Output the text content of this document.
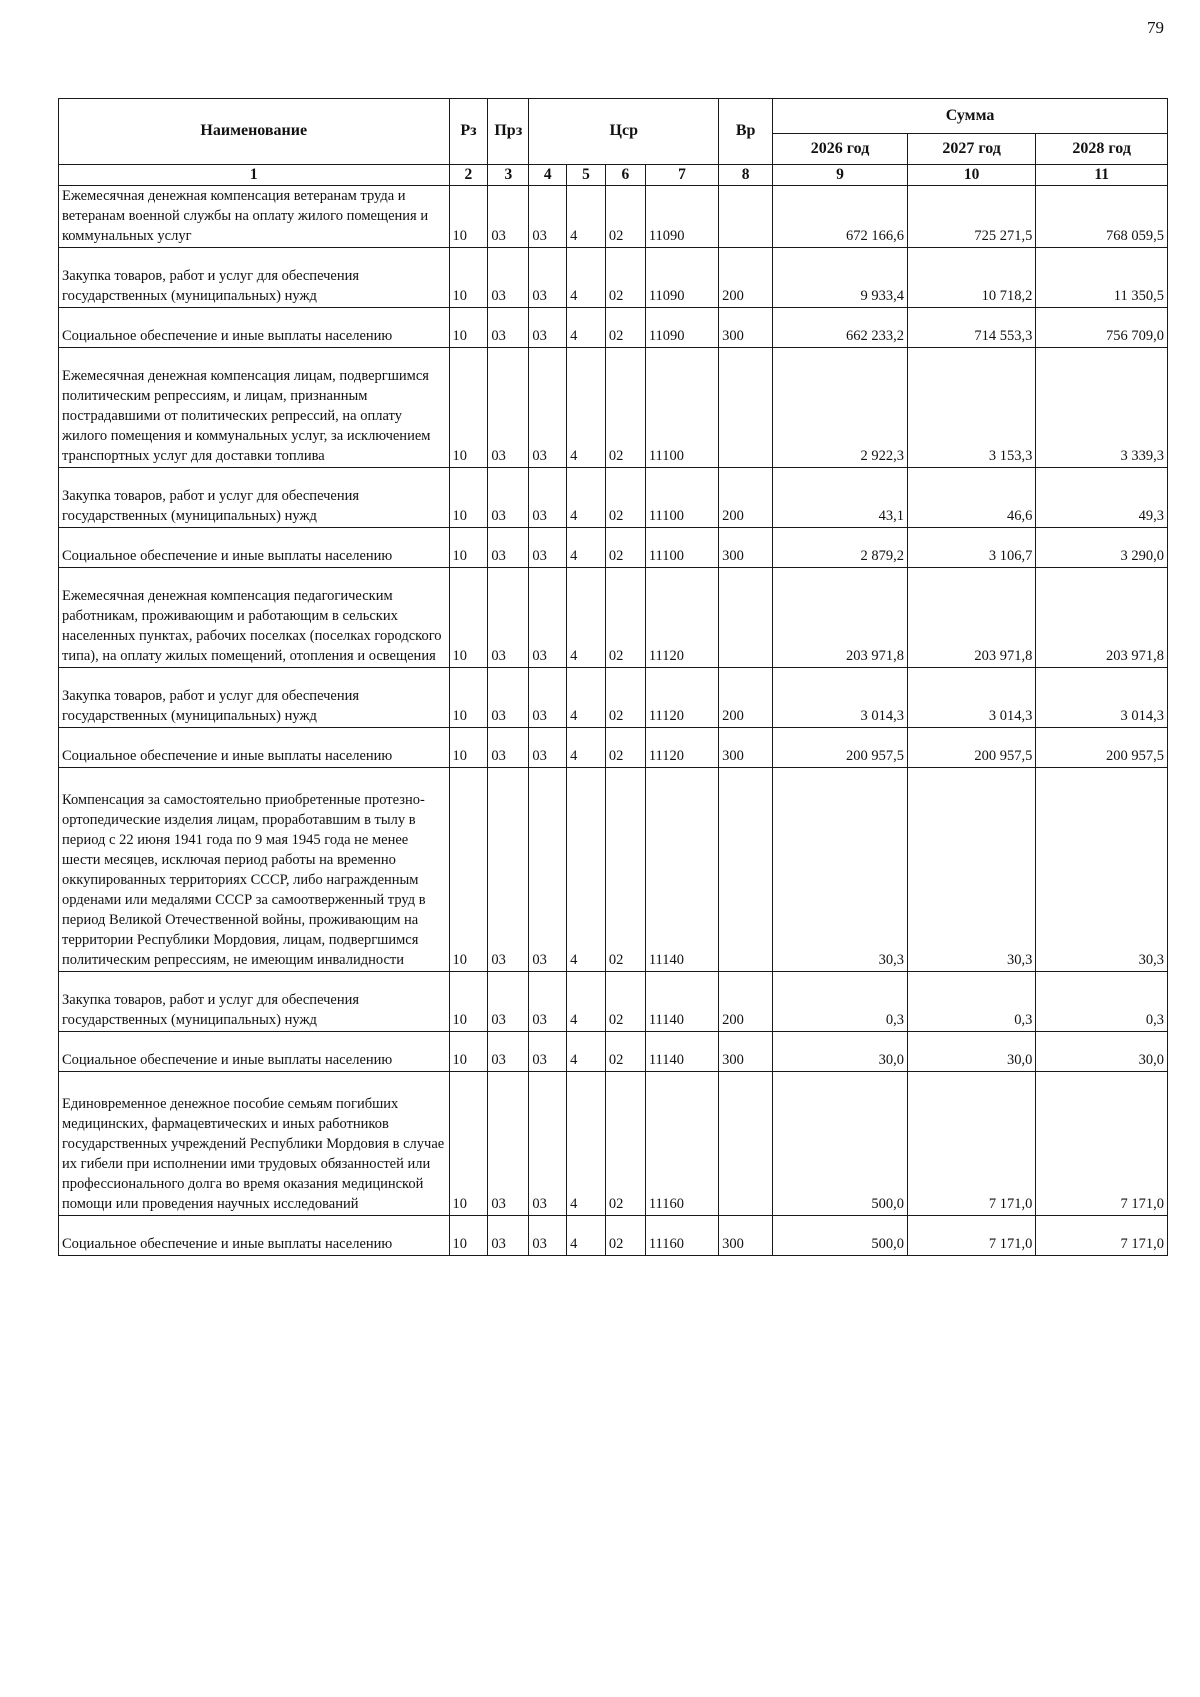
79
Наименование	Рз	Прз	Цср				Вр	Сумма		
								2026 год	2027 год	2028 год
1	2	3	4	5	6	7	8	9	10	11

Ежемесячная денежная компенсация ветеранам труда и ветеранам военной службы на оплату жилого помещения и коммунальных услуг	10	03	03	4	02	11090		672 166,6	725 271,5	768 059,5

Закупка товаров, работ и услуг для обеспечения государственных (муниципальных) нужд	10	03	03	4	02	11090	200	9 933,4	10 718,2	11 350,5

Социальное обеспечение и иные выплаты населению	10	03	03	4	02	11090	300	662 233,2	714 553,3	756 709,0

Ежемесячная денежная компенсация лицам, подвергшимся политическим репрессиям, и лицам, признанным пострадавшими от политических репрессий, на оплату жилого помещения и коммунальных услуг, за исключением транспортных услуг для доставки топлива	10	03	03	4	02	11100		2 922,3	3 153,3	3 339,3

Закупка товаров, работ и услуг для обеспечения государственных (муниципальных) нужд	10	03	03	4	02	11100	200	43,1	46,6	49,3

Социальное обеспечение и иные выплаты населению	10	03	03	4	02	11100	300	2 879,2	3 106,7	3 290,0

Ежемесячная денежная компенсация педагогическим работникам, проживающим и работающим в сельских населенных пунктах, рабочих поселках (поселках городского типа), на оплату жилых помещений, отопления и освещения	10	03	03	4	02	11120		203 971,8	203 971,8	203 971,8

Закупка товаров, работ и услуг для обеспечения государственных (муниципальных) нужд	10	03	03	4	02	11120	200	3 014,3	3 014,3	3 014,3

Социальное обеспечение и иные выплаты населению	10	03	03	4	02	11120	300	200 957,5	200 957,5	200 957,5

Компенсация за самостоятельно приобретенные протезно-ортопедические изделия лицам, проработавшим в тылу в период с 22 июня 1941 года по 9 мая 1945 года не менее шести месяцев, исключая период работы на временно оккупированных территориях СССР, либо награжденным орденами или медалями СССР за самоотверженный труд в период Великой Отечественной войны, проживающим на территории Республики Мордовия, лицам, подвергшимся политическим репрессиям, не имеющим инвалидности	10	03	03	4	02	11140		30,3	30,3	30,3

Закупка товаров, работ и услуг для обеспечения государственных (муниципальных) нужд	10	03	03	4	02	11140	200	0,3	0,3	0,3

Социальное обеспечение и иные выплаты населению	10	03	03	4	02	11140	300	30,0	30,0	30,0

Единовременное денежное пособие семьям погибших медицинских, фармацевтических и иных работников государственных учреждений Республики Мордовия в случае их гибели при исполнении ими трудовых обязанностей или профессионального долга во время оказания медицинской помощи или проведения научных исследований	10	03	03	4	02	11160		500,0	7 171,0	7 171,0

Социальное обеспечение и иные выплаты населению	10	03	03	4	02	11160	300	500,0	7 171,0	7 171,0
